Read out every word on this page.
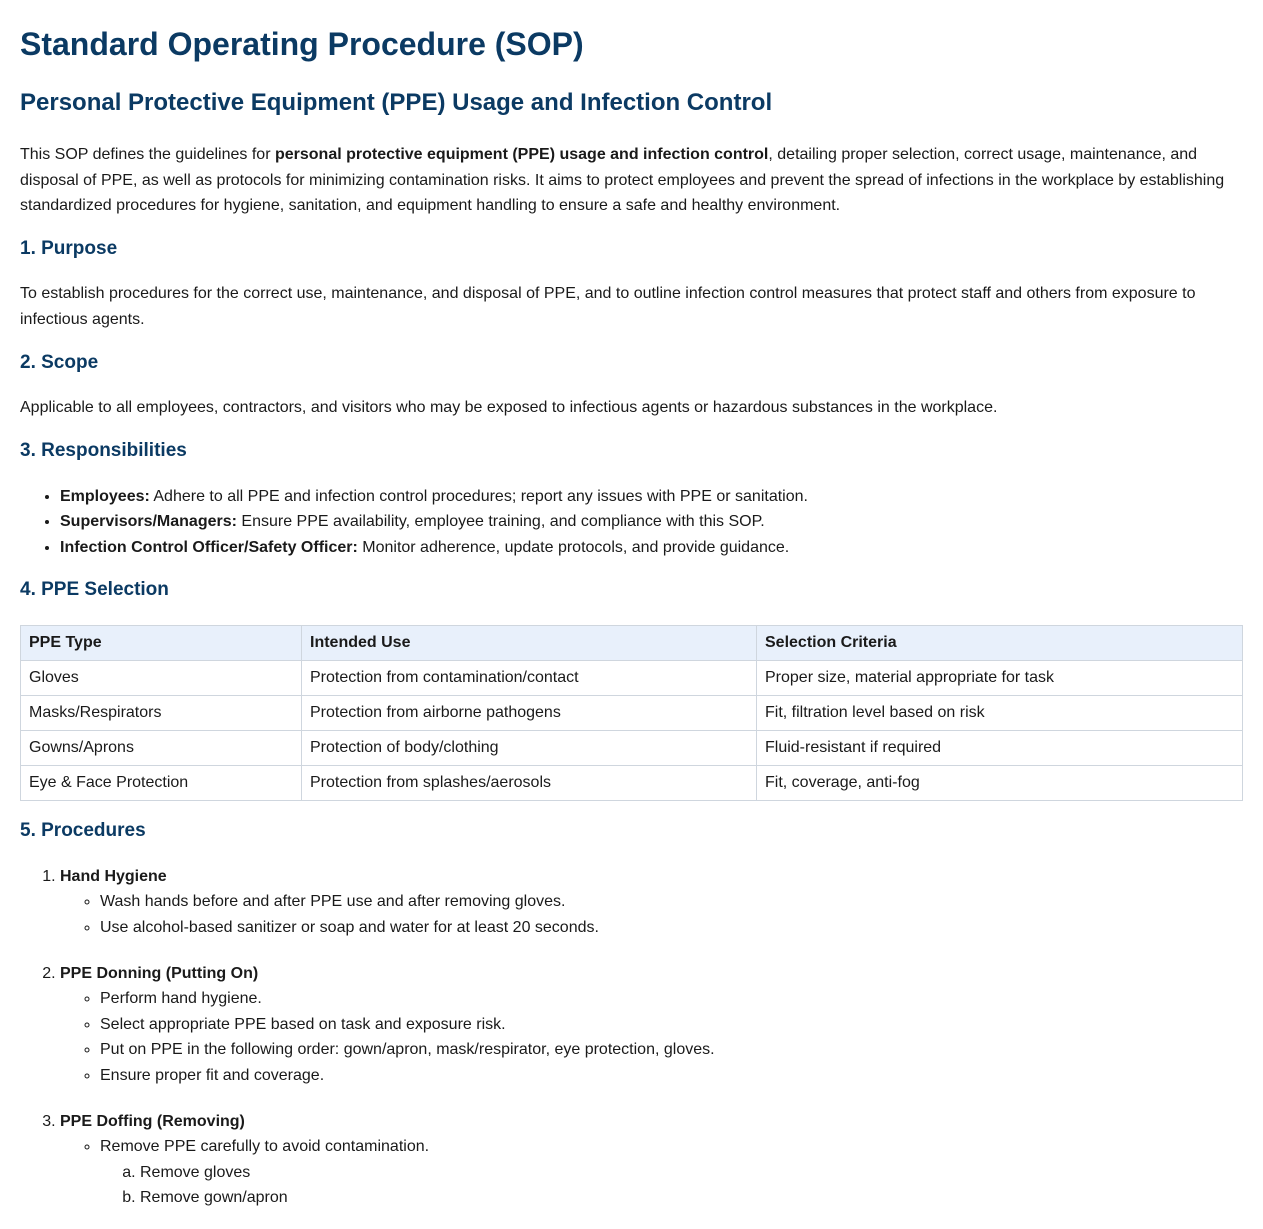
Standard Operating Procedure (SOP)
Personal Protective Equipment (PPE) Usage and Infection Control

This SOP defines the guidelines for personal protective equipment (PPE) usage and infection control, detailing proper selection, correct usage, maintenance, and disposal of PPE, as well as protocols for minimizing contamination risks. It aims to protect employees and prevent the spread of infections in the workplace by establishing standardized procedures for hygiene, sanitation, and equipment handling to ensure a safe and healthy environment.

1. Purpose

To establish procedures for the correct use, maintenance, and disposal of PPE, and to outline infection control measures that protect staff and others from exposure to infectious agents.

2. Scope

Applicable to all employees, contractors, and visitors who may be exposed to infectious agents or hazardous substances in the workplace.

3. Responsibilities
• Employees: Adhere to all PPE and infection control procedures; report any issues with PPE or sanitation.
• Supervisors/Managers: Ensure PPE availability, employee training, and compliance with this SOP.
• Infection Control Officer/Safety Officer: Monitor adherence, update protocols, and provide guidance.
4. PPE Selection
PPE Type	Intended Use	Selection Criteria
Gloves	Protection from contamination/contact	Proper size, material appropriate for task
Masks/Respirators	Protection from airborne pathogens	Fit, filtration level based on risk
Gowns/Aprons	Protection of body/clothing	Fluid-resistant if required
Eye & Face Protection	Protection from splashes/aerosols	Fit, coverage, anti-fog
5. Procedures
1. Hand Hygiene
◦ Wash hands before and after PPE use and after removing gloves.
◦ Use alcohol-based sanitizer or soap and water for at least 20 seconds.
2. PPE Donning (Putting On)
◦ Perform hand hygiene.
◦ Select appropriate PPE based on task and exposure risk.
◦ Put on PPE in the following order: gown/apron, mask/respirator, eye protection, gloves.
◦ Ensure proper fit and coverage.
3. PPE Doffing (Removing)
◦ Remove PPE carefully to avoid contamination.
a. Remove gloves
b. Remove gown/apron
